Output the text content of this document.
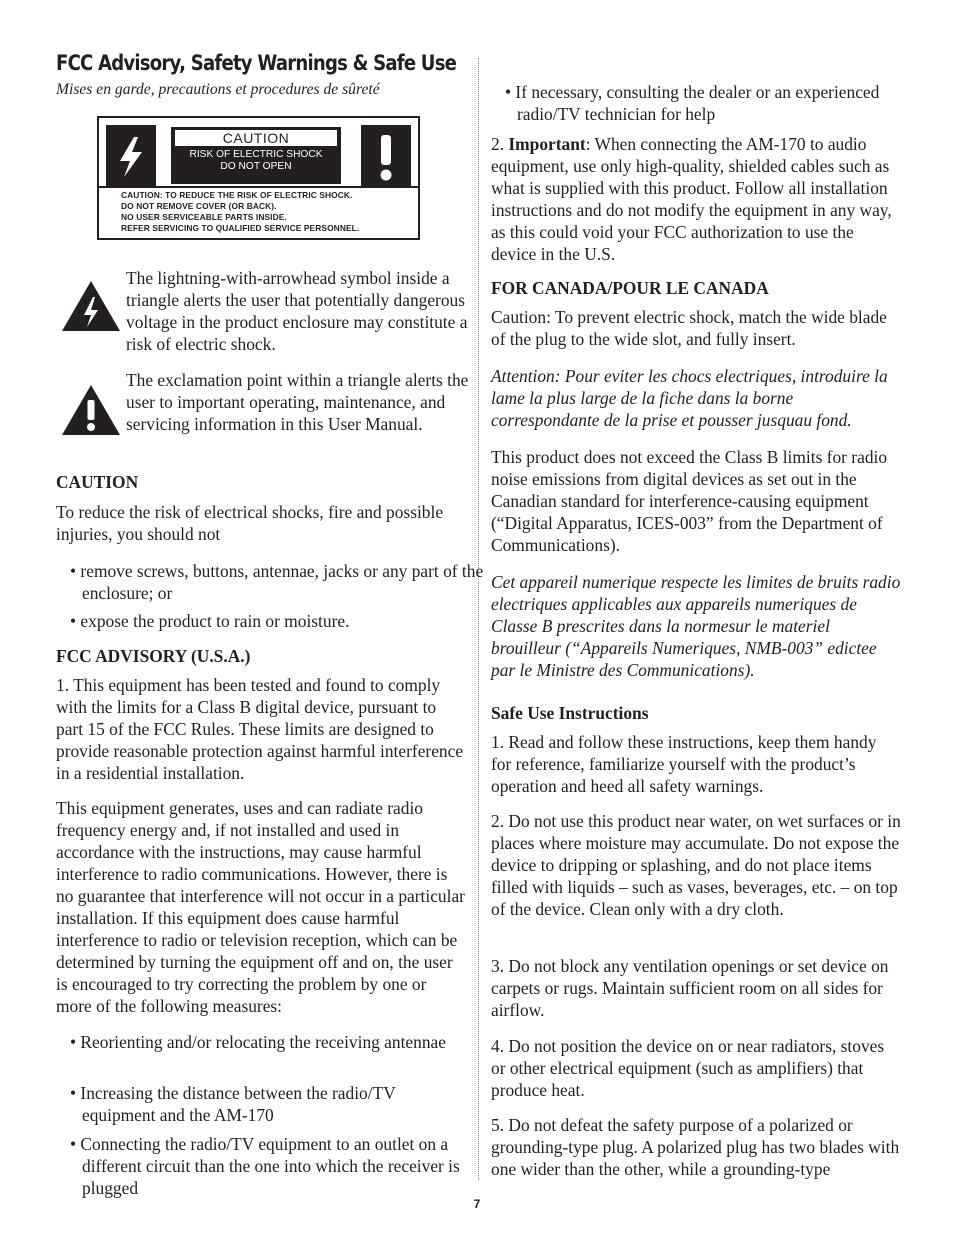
FCC Advisory, Safety Warnings & Safe Use
Mises en garde, precautions et procedures de sûreté
CAUTION
RISK OF ELECTRIC SHOCK
DO NOT OPEN
CAUTION: TO REDUCE THE RISK OF ELECTRIC SHOCK.
DO NOT REMOVE COVER (OR BACK).
NO USER SERVICEABLE PARTS INSIDE.
REFER SERVICING TO QUALIFIED SERVICE PERSONNEL.

The lightning-with-arrowhead symbol inside a triangle alerts the user that potentially dangerous voltage in the product enclosure may constitute a risk of electric shock.

The exclamation point within a triangle alerts the user to important operating, maintenance, and servicing information in this User Manual.

CAUTION

To reduce the risk of electrical shocks, fire and possible injuries, you should not

• remove screws, buttons, antennae, jacks or any part of the enclosure; or

• expose the product to rain or moisture.

FCC ADVISORY (U.S.A.)

1. This equipment has been tested and found to comply with the limits for a Class B digital device, pursuant to part 15 of the FCC Rules. These limits are designed to provide reasonable protection against harmful interference in a residential installation.

This equipment generates, uses and can radiate radio frequency energy and, if not installed and used in accordance with the instructions, may cause harmful interference to radio communications. However, there is no guarantee that interference will not occur in a particular installation. If this equipment does cause harmful interference to radio or television reception, which can be determined by turning the equipment off and on, the user is encouraged to try correcting the problem by one or more of the following measures:

• Reorienting and/or relocating the receiving antennae

• Increasing the distance between the radio/TV equipment and the AM-170

• Connecting the radio/TV equipment to an outlet on a different circuit than the one into which the receiver is plugged

• If necessary, consulting the dealer or an experienced radio/TV technician for help

2. Important: When connecting the AM-170 to audio equipment, use only high-quality, shielded cables such as what is supplied with this product. Follow all installation instructions and do not modify the equipment in any way, as this could void your FCC authorization to use the device in the U.S.

FOR CANADA/POUR LE CANADA

Caution: To prevent electric shock, match the wide blade of the plug to the wide slot, and fully insert.

Attention: Pour eviter les chocs electriques, introduire la lame la plus large de la fiche dans la borne correspondante de la prise et pousser jusquau fond.

This product does not exceed the Class B limits for radio noise emissions from digital devices as set out in the Canadian standard for interference-causing equipment (“Digital Apparatus, ICES-003” from the Department of Communications).

Cet appareil numerique respecte les limites de bruits radio electriques applicables aux appareils numeriques de Classe B prescrites dans la normesur le materiel brouilleur (“Appareils Numeriques, NMB-003” edictee par le Ministre des Communications).

Safe Use Instructions

1. Read and follow these instructions, keep them handy for reference, familiarize yourself with the product’s operation and heed all safety warnings.

2. Do not use this product near water, on wet surfaces or in places where moisture may accumulate. Do not expose the device to dripping or splashing, and do not place items filled with liquids – such as vases, beverages, etc. – on top of the device. Clean only with a dry cloth.

3. Do not block any ventilation openings or set device on carpets or rugs. Maintain sufficient room on all sides for airflow.

4. Do not position the device on or near radiators, stoves or other electrical equipment (such as amplifiers) that produce heat.

5. Do not defeat the safety purpose of a polarized or grounding-type plug. A polarized plug has two blades with one wider than the other, while a grounding-type

7
